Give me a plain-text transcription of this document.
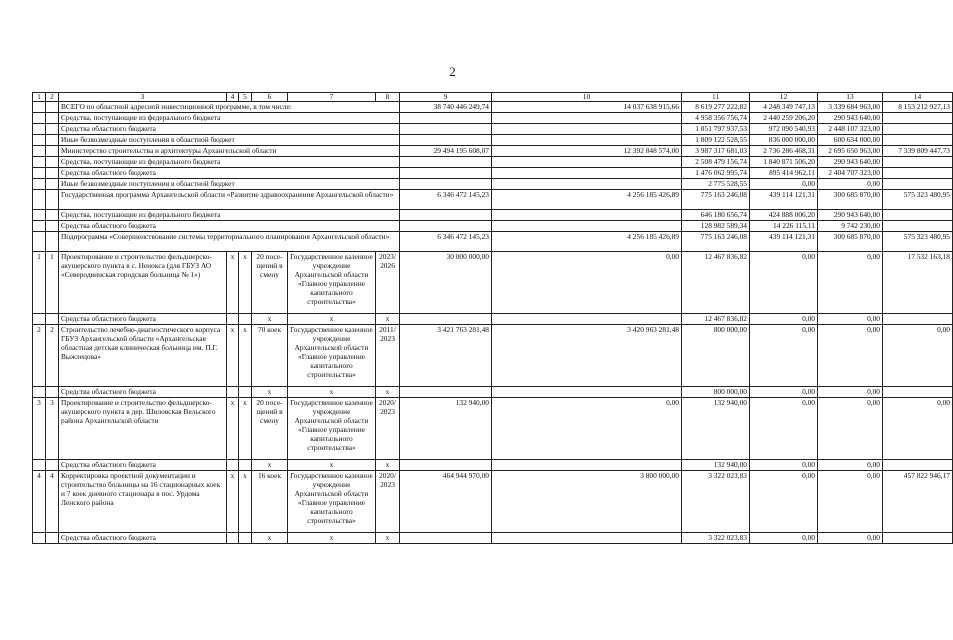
2
1	2	3	4	5	6	7	8	9	10	11	12	13	14
		ВСЕГО по областной адресной инвестиционной программе, в том числе:						38 740 446 249,74	14 037 638 915,66	8 619 277 222,82	4 248 349 747,13	3 339 684 963,00	8 153 212 927,13
		Средства, поступающие из федерального бюджета								4 958 356 756,74	2 440 259 206,20	290 943 640,00	
		Средства областного бюджета								1 851 797 937,53	972 090 540,93	2 448 107 323,00	
		Иные безвозмездные поступления в областной бюджет								1 809 122 528,55	836 000 000,00	600 634 000,00	
		Министерство строительства и архитектуры Архангельской области						29 494 195 608,07	12 392 848 574,00	3 987 317 681,03	2 736 286 468,31	2 695 650 963,00	7 339 809 447,73
		Средства, поступающие из федерального бюджета								2 508 479 156,74	1 840 871 506,20	290 943 640,00	
		Средства областного бюджета								1 476 062 995,74	895 414 962,11	2 404 707 323,00	
		Иные безвозмездные поступления в областной бюджет								2 775 528,55	0,00	0,00	
		Государственная программа Архангельской области «Развитие здравоохранения Архангельской области»						6 346 472 145,23	4 256 185 426,89	775 163 246,08	439 114 121,31	300 685 870,00	575 323 480,95
		Средства, поступающие из федерального бюджета								646 180 656,74	424 888 006,20	290 943 640,00	
		Средства областного бюджета								128 982 589,34	14 226 115,11	9 742 230,00	
		Подпрограмма «Совершенствование системы территориального планирования Архангельской области»						6 346 472 145,23	4 256 185 426,89	775 163 246,08	439 114 121,31	300 685 870,00	575 323 480,95
1	1	Проектирование и строительство фельдшерско-акушерского пункта в с. Ненокса (для ГБУЗ АО «Северодвинская городская больница № 1»)	х	х	20 посе-щений в смену	Государственное казенное учреждение Архангельской области «Главное управление капитального строительства»	2023/ 2026	30 000 000,00	0,00	12 467 836,82	0,00	0,00	17 532 163,18
		Средства областного бюджета			х	х	х			12 467 836,82	0,00	0,00	
2	2	Строительство лечебно-диагностического корпуса ГБУЗ Архангельской области «Архангельская областная детская клиническая больница им. П.Г. Выжлецова»	х	х	70 коек	Государственное казенное учреждение Архангельской области «Главное управление капитального строительства»	2011/ 2023	3 421 763 281,48	3 420 963 281,48	800 000,00	0,00	0,00	0,00
		Средства областного бюджета			х	х	х			800 000,00	0,00	0,00	
3	3	Проектирование и строительство фельдшерско-акушерского пункта в дер. Шиловская Вельского района Архангельской области	х	х	20 посе-щений в смену	Государственное казенное учреждение Архангельской области «Главное управление капитального строительства»	2020/ 2023	132 940,00	0,00	132 940,00	0,00	0,00	0,00
		Средства областного бюджета			х	х	х			132 940,00	0,00	0,00	
4	4	Корректировка проектной документации и строительство больницы на 16 стационарных коек и 7 коек дневного стационара в пос. Урдома Ленского района	х	х	16 коек	Государственное казенное учреждение Архангельской области «Главное управление капитального строительства»	2020/ 2023	464 944 970,00	3 800 000,00	3 322 023,83	0,00	0,00	457 822 946,17
		Средства областного бюджета			х	х	х			3 322 023,83	0,00	0,00	
